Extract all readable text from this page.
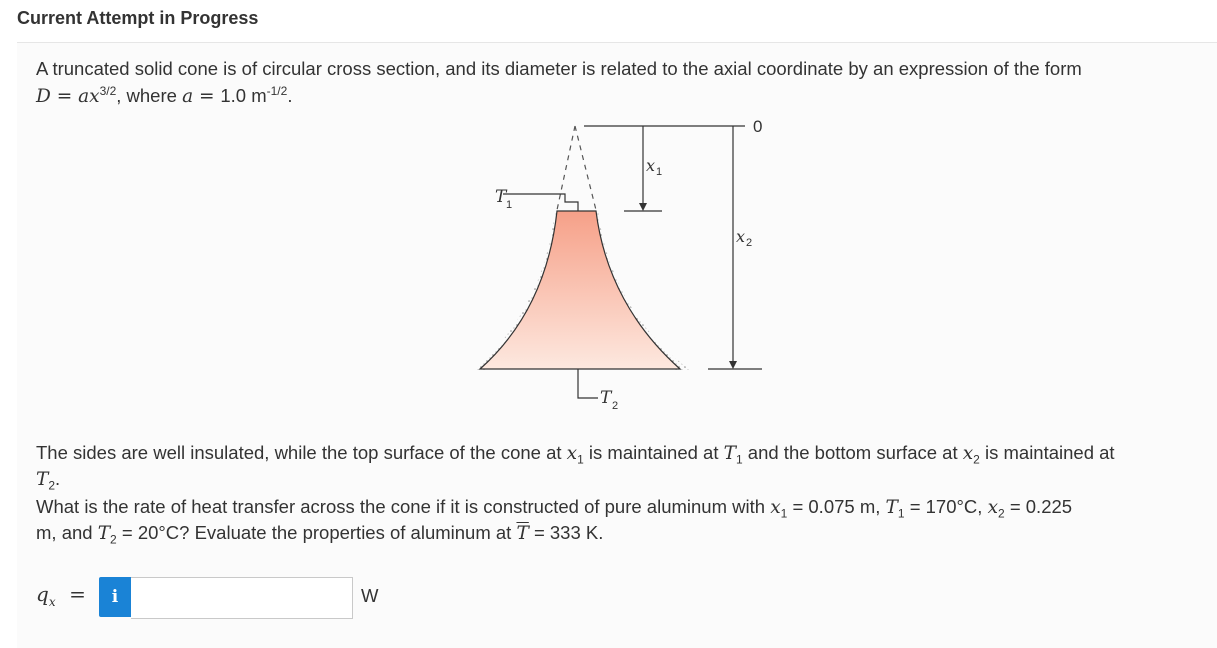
Current Attempt in Progress
A truncated solid cone is of circular cross section, and its diameter is related to the axial coordinate by an expression of the form
$D = ax^{3/2}$, where a = 1.0 $m^{-1/2}$.
0
T 1
T 2
x 1
x 2
The sides are well insulated, while the top surface of the cone at $x_1$ is maintained at $T_1$ and the bottom surface at $x_2$ is maintained at
$T_2$.
What is the rate of heat transfer across the cone if it is constructed of pure aluminum with $x_1 = 0.075$ m, $T_1 = 170^\circ C$, $x_2 = 0.225$
m, and $T_2 = 20^\circ C$? Evaluate the properties of aluminum at $\overline{T} = 333$ K.
$q_x$ =	i	W
